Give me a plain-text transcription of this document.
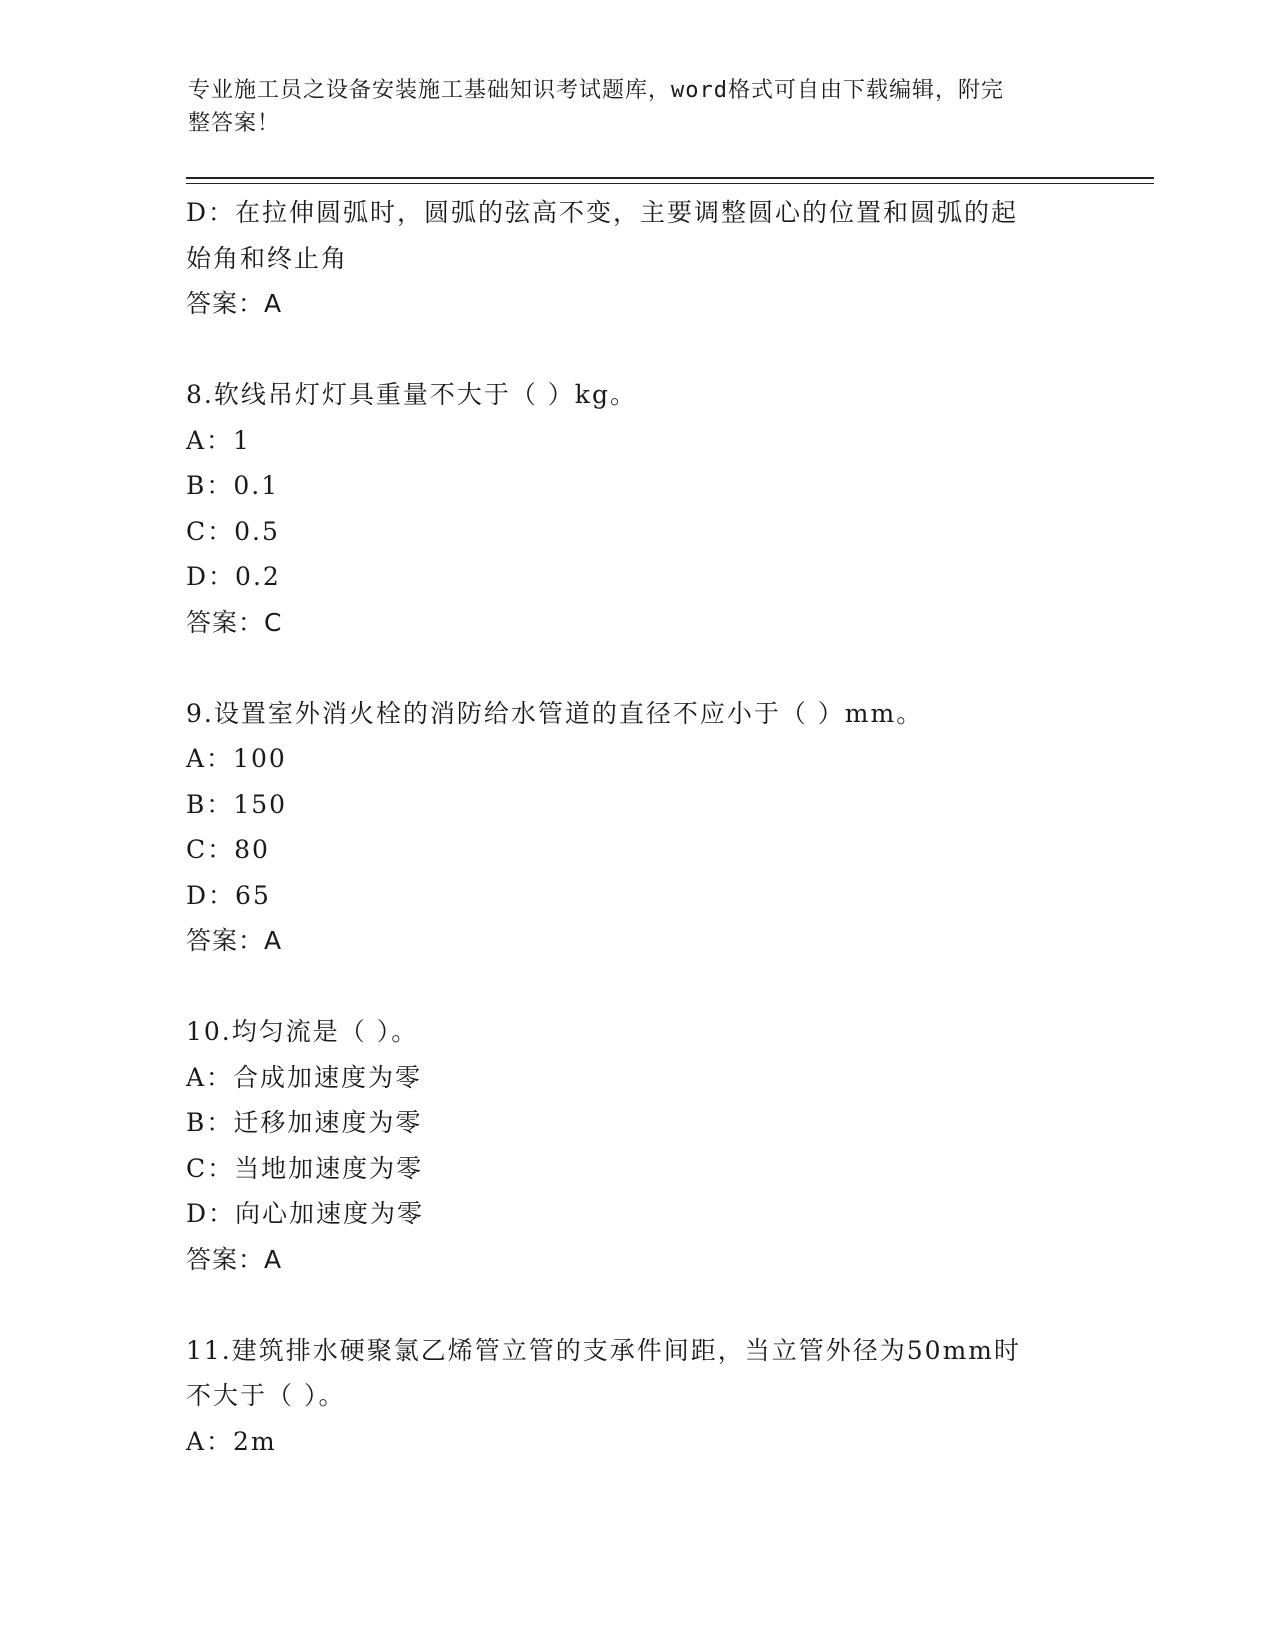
专业施工员之设备安装施工基础知识考试题库，word格式可自由下载编辑，附完
整答案！
D：在拉伸圆弧时，圆弧的弦高不变，主要调整圆心的位置和圆弧的起
始角和终止角
答案：A
8.软线吊灯灯具重量不大于（ ）kg。
A：1
B：0.1
C：0.5
D：0.2
答案：C
9.设置室外消火栓的消防给水管道的直径不应小于（ ）mm。
A：100
B：150
C：80
D：65
答案：A
10.均匀流是（ ）。
A：合成加速度为零
B：迁移加速度为零
C：当地加速度为零
D：向心加速度为零
答案：A
11.建筑排水硬聚氯乙烯管立管的支承件间距，当立管外径为50mm时
不大于（ ）。
A：2m
